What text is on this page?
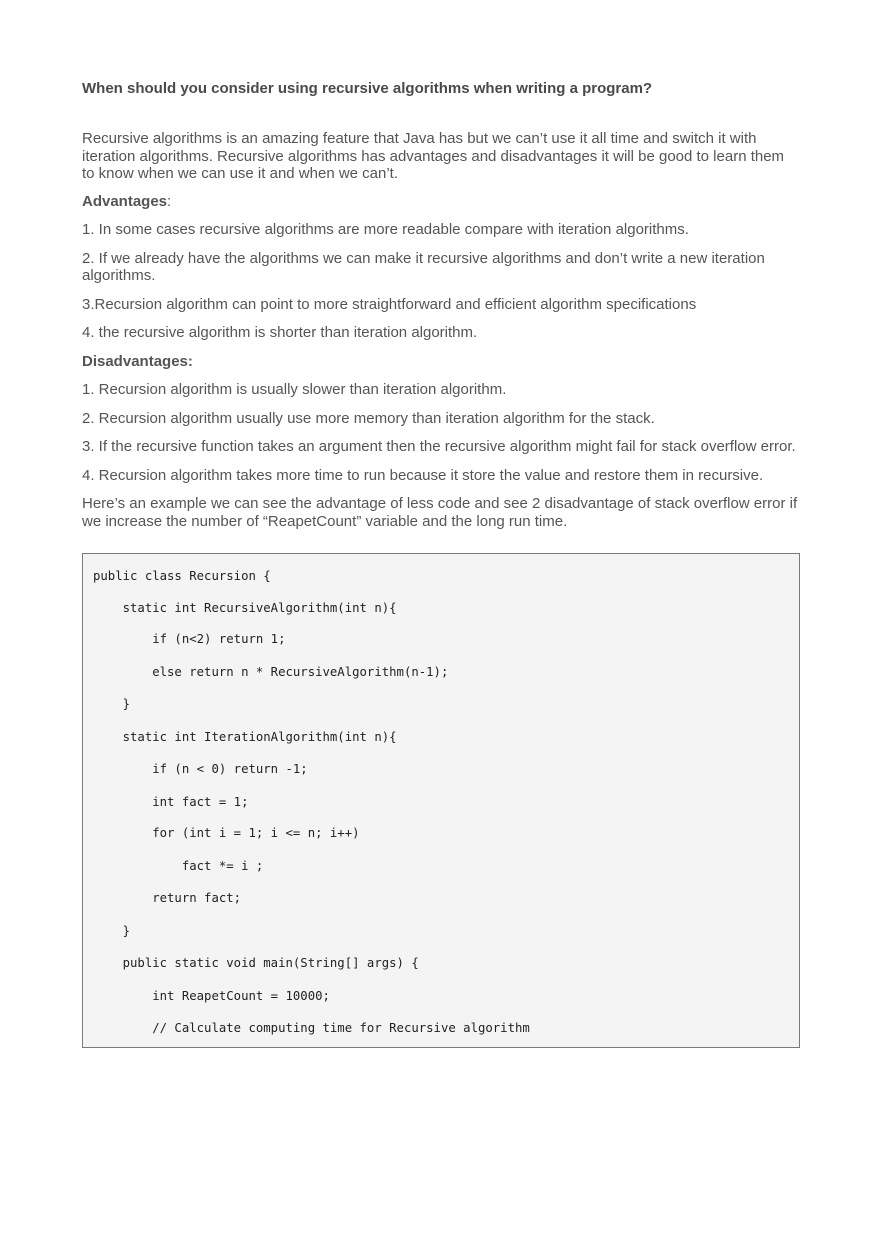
When should you consider using recursive algorithms when writing a program?

Recursive algorithms is an amazing feature that Java has but we can’t use it all time and switch it with iteration algorithms. Recursive algorithms has advantages and disadvantages it will be good to learn them to know when we can use it and when we can’t.

Advantages:

1. In some cases recursive algorithms are more readable compare with iteration algorithms.

2. If we already have the algorithms we can make it recursive algorithms and don’t write a new iteration algorithms.

3.Recursion algorithm can point to more straightforward and efficient algorithm specifications

4. the recursive algorithm is shorter than iteration algorithm.

Disadvantages:

1. Recursion algorithm is usually slower than iteration algorithm.

2. Recursion algorithm usually use more memory than iteration algorithm for the stack.

3. If the recursive function takes an argument then the recursive algorithm might fail for stack overflow error.

4. Recursion algorithm takes more time to run because it store the value and restore them in recursive.

Here’s an example we can see the advantage of less code and see 2 disadvantage of stack overflow error if we increase the number of “ReapetCount” variable and the long run time.

public class Recursion {
static int RecursiveAlgorithm(int n){
if (n<2) return 1;
else return n * RecursiveAlgorithm(n-1);
}
static int IterationAlgorithm(int n){
if (n < 0) return -1;
int fact = 1;
for (int i = 1; i <= n; i++)
fact *= i ;
return fact;
}
public static void main(String[] args) {
int ReapetCount = 10000;
// Calculate computing time for Recursive algorithm
